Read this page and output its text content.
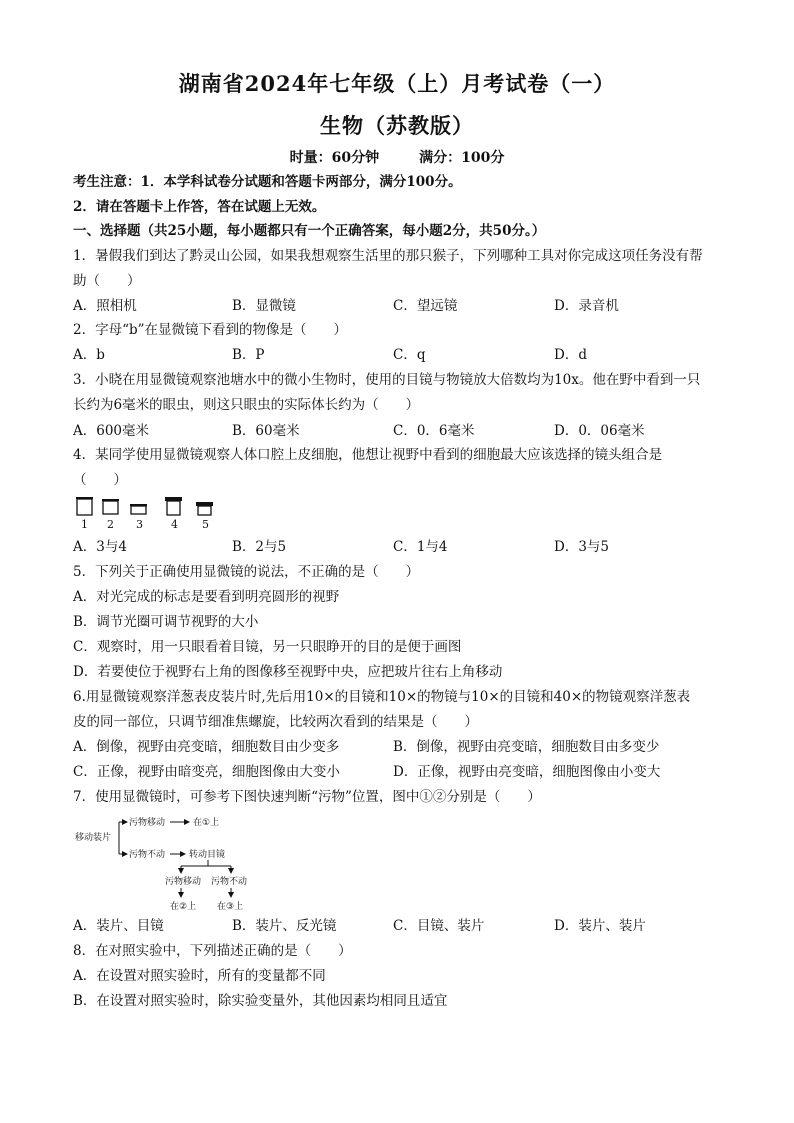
湖南省2024年七年级（上）月考试卷（一）
生物（苏教版）
时量：60分钟	满分：100分
考生注意：1．本学科试卷分试题和答题卡两部分，满分100分。
2．请在答题卡上作答，答在试题上无效。
一、选择题（共25小题，每小题都只有一个正确答案，每小题2分，共50分。）
1．暑假我们到达了黔灵山公园，如果我想观察生活里的那只猴子，下列哪种工具对你完成这项任务没有帮
助（　　）
A．照相机	B．显微镜	C．望远镜	D．录音机
2．字母“b”在显微镜下看到的物像是（　　）
A．b	B．P	C．q	D．d
3．小晓在用显微镜观察池塘水中的微小生物时，使用的目镜与物镜放大倍数均为10x。他在野中看到一只
长约为6毫米的眼虫，则这只眼虫的实际体长约为（　　）
A．600毫米	B．60毫米	C．0．6毫米	D．0．06毫米
4．某同学使用显微镜观察人体口腔上皮细胞，他想让视野中看到的细胞最大应该选择的镜头组合是
（　　）
1 2 3	4 5
A．3与4	B．2与5	C．1与4	D．3与5
5．下列关于正确使用显微镜的说法，不正确的是（　　）
A．对光完成的标志是要看到明亮圆形的视野
B．调节光圈可调节视野的大小
C．观察时，用一只眼看着目镜，另一只眼睁开的目的是便于画图
D．若要使位于视野右上角的图像移至视野中央，应把玻片往右上角移动
6.用显微镜观察洋葱表皮装片时,先后用10×的目镜和10×的物镜与10×的目镜和40×的物镜观察洋葱表
皮的同一部位，只调节细准焦螺旋，比较两次看到的结果是（　　）
A．倒像，视野由亮变暗，细胞数目由少变多	B．倒像，视野由亮变暗，细胞数目由多变少
C．正像，视野由暗变亮，细胞图像由大变小	D．正像，视野由亮变暗，细胞图像由小变大
7．使用显微镜时，可参考下图快速判断“污物”位置，图中①②分别是（　　）
移动装片
污物移动	在①上
污物不动	转动目镜
污物移动 污物不动
在②上 在③上
A．装片、目镜	B．装片、反光镜	C．目镜、装片	D．装片、装片
8．在对照实验中，下列描述正确的是（　　）
A．在设置对照实验时，所有的变量都不同
B．在设置对照实验时，除实验变量外，其他因素均相同且适宜
